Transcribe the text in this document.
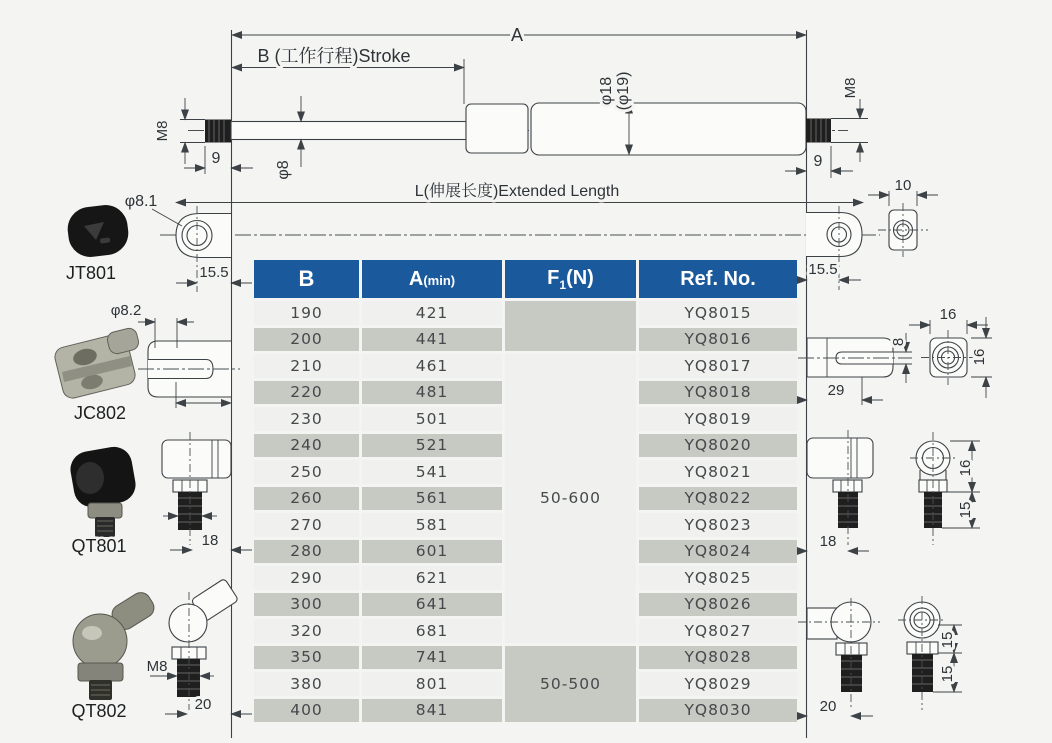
A
B (工作行程)Stroke
φ8
M8
9
φ18 (φ19)	M8
9
L(伸展长度)Extended Length
15.5	15.5
10
JT801
φ8.1
JC802
φ8.2
QT801	18
QT802
M8
20
8
29
16
16
18
16
15
20
15
15
B	A(min)	$F_1(N)$	Ref. No.
190	421		YQ8015
200	441		YQ8016
210	461	50-600	YQ8017
220	481		YQ8018
230	501		YQ8019
240	521		YQ8020
250	541		YQ8021
260	561		YQ8022
270	581		YQ8023
280	601		YQ8024
290	621		YQ8025
300	641		YQ8026
320	681		YQ8027
350	741	50-500	YQ8028
380	801		YQ8029
400	841		YQ8030
